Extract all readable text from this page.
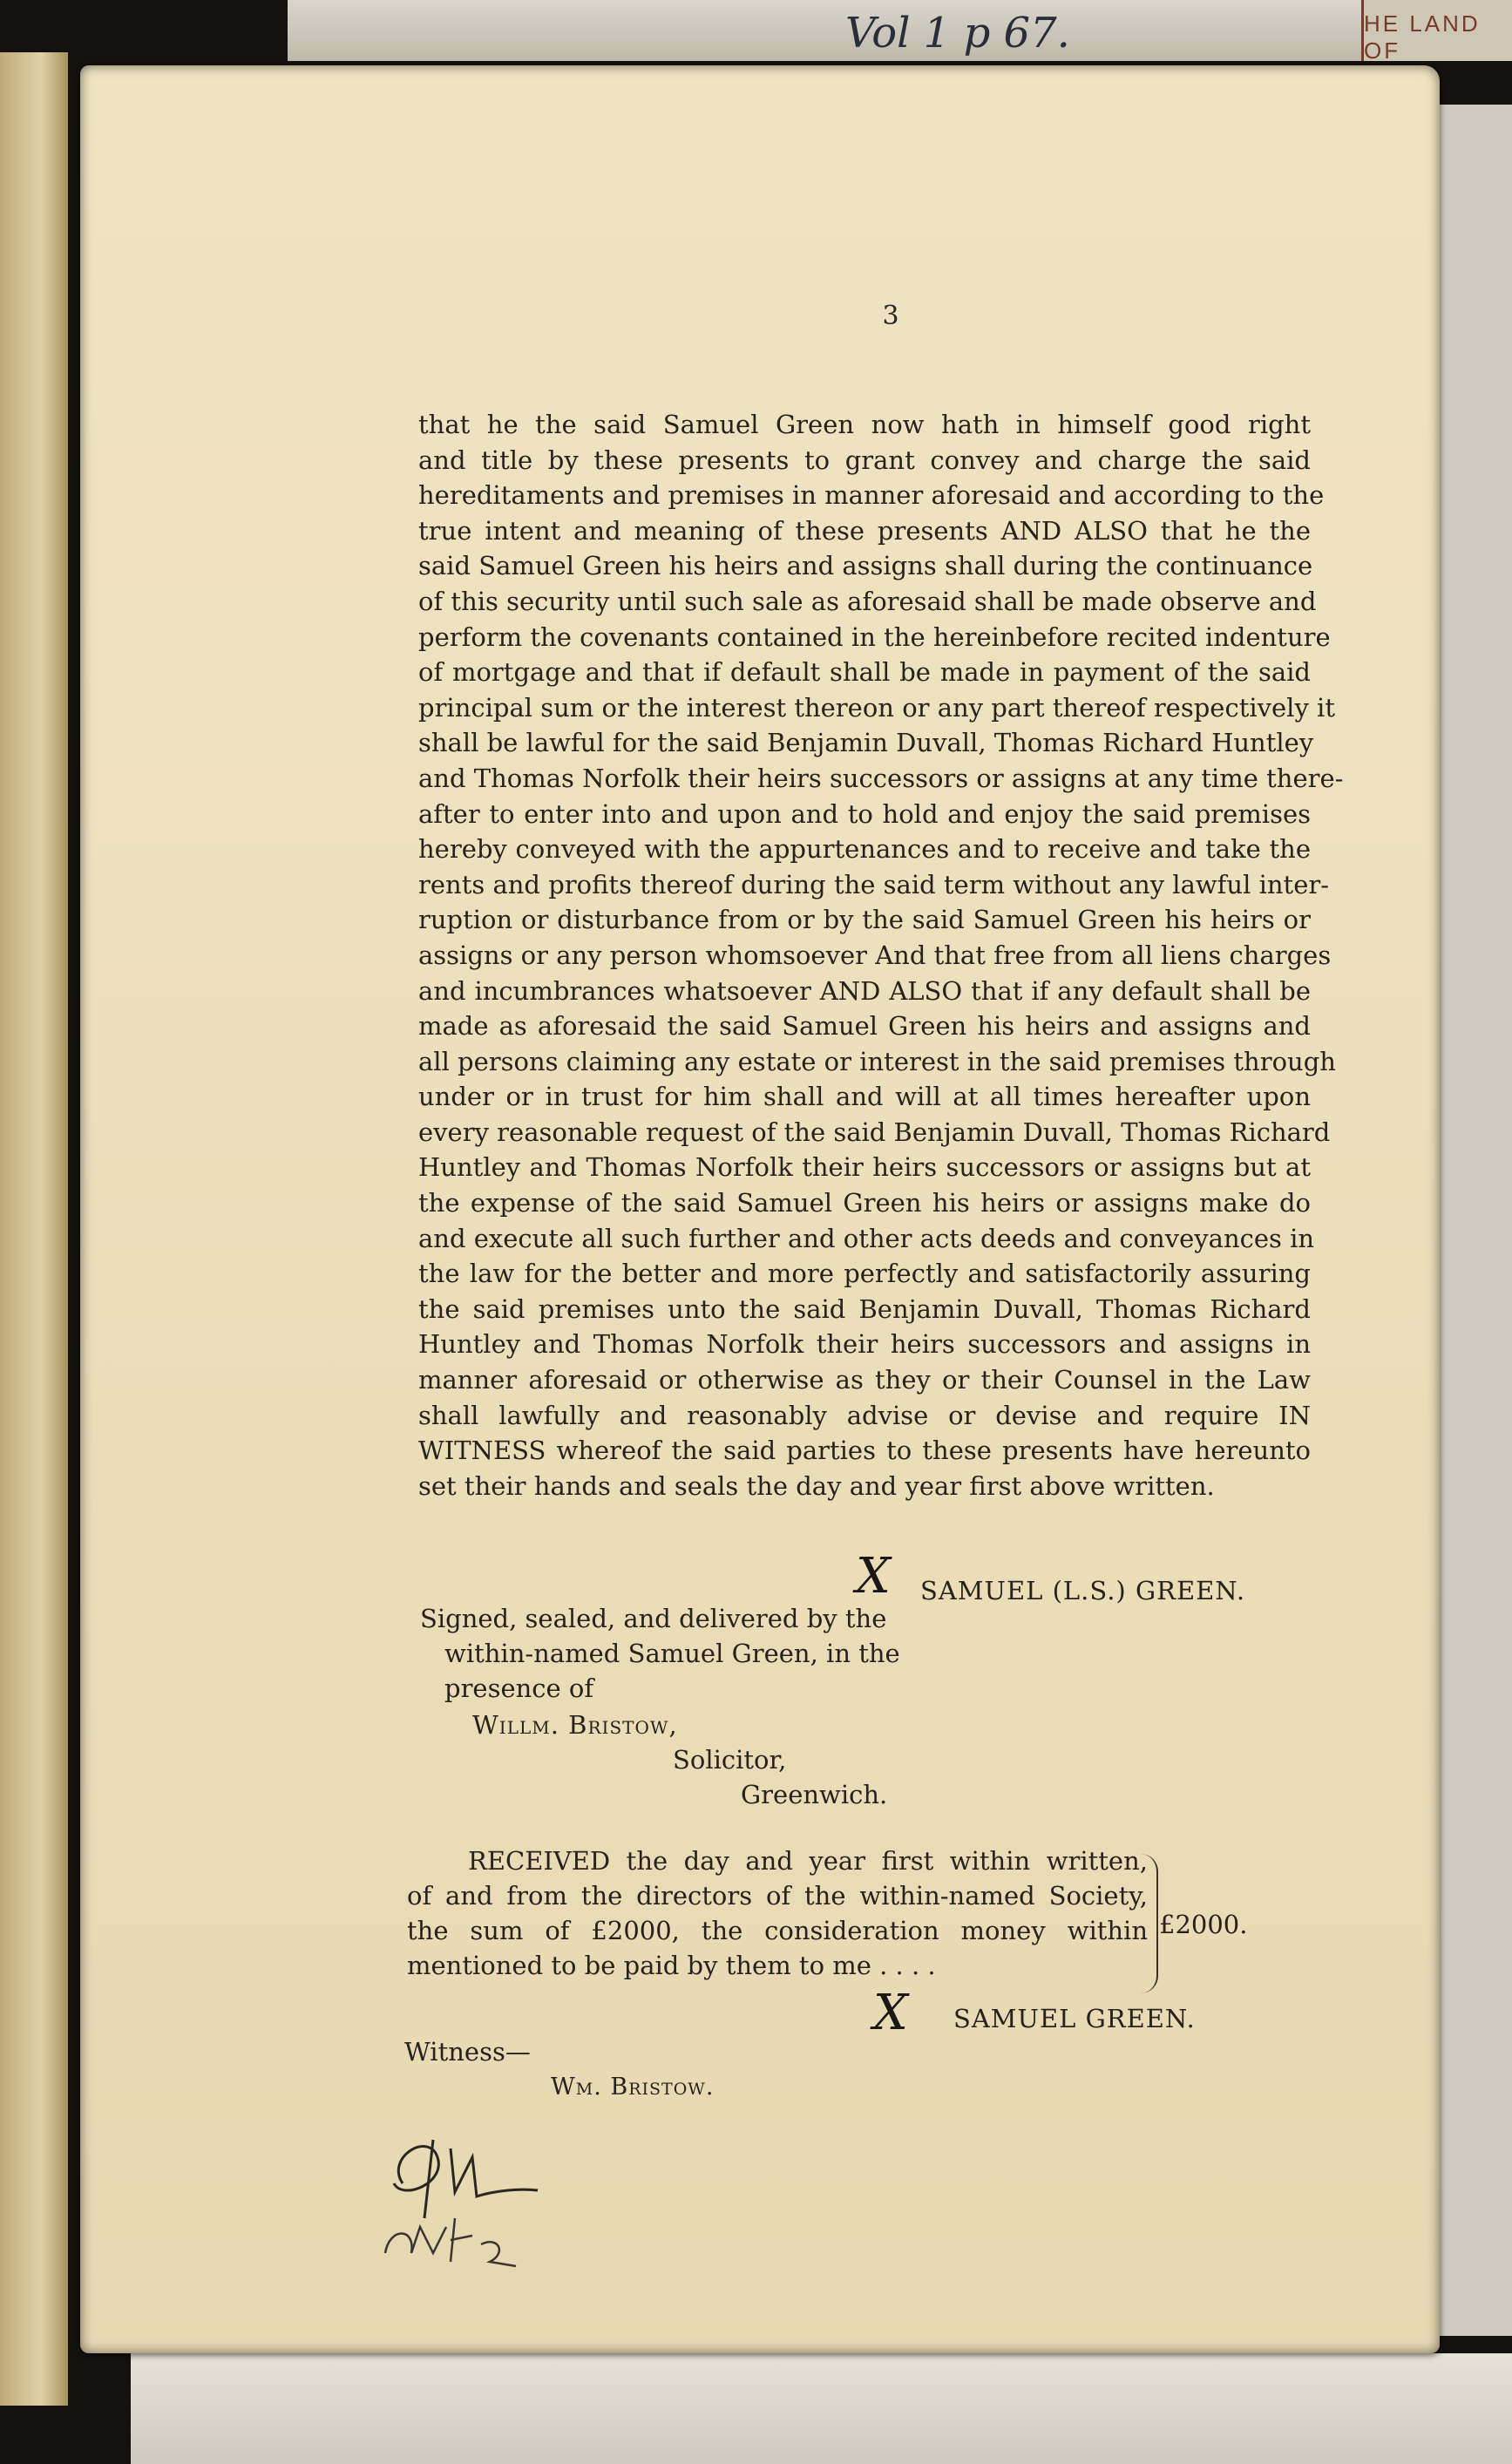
Vol 1 p 67.	HE LAND OF
3
that he the said Samuel Green now hath in himself good right
and title by these presents to grant convey and charge the said
hereditaments and premises in manner aforesaid and according to the
true intent and meaning of these presents AND ALSO that he the
said Samuel Green his heirs and assigns shall during the continuance
of this security until such sale as aforesaid shall be made observe and
perform the covenants contained in the hereinbefore recited indenture
of mortgage and that if default shall be made in payment of the said
principal sum or the interest thereon or any part thereof respectively it
shall be lawful for the said Benjamin Duvall, Thomas Richard Huntley
and Thomas Norfolk their heirs successors or assigns at any time there-
after to enter into and upon and to hold and enjoy the said premises
hereby conveyed with the appurtenances and to receive and take the
rents and profits thereof during the said term without any lawful inter-
ruption or disturbance from or by the said Samuel Green his heirs or
assigns or any person whomsoever And that free from all liens charges
and incumbrances whatsoever AND ALSO that if any default shall be
made as aforesaid the said Samuel Green his heirs and assigns and
all persons claiming any estate or interest in the said premises through
under or in trust for him shall and will at all times hereafter upon
every reasonable request of the said Benjamin Duvall, Thomas Richard
Huntley and Thomas Norfolk their heirs successors or assigns but at
the expense of the said Samuel Green his heirs or assigns make do
and execute all such further and other acts deeds and conveyances in
the law for the better and more perfectly and satisfactorily assuring
the said premises unto the said Benjamin Duvall, Thomas Richard
Huntley and Thomas Norfolk their heirs successors and assigns in
manner aforesaid or otherwise as they or their Counsel in the Law
shall lawfully and reasonably advise or devise and require IN
WITNESS whereof the said parties to these presents have hereunto
set their hands and seals the day and year first above written.
X SAMUEL (L.S.) GREEN.
Signed, sealed, and delivered by the
within-named Samuel Green, in the
presence of
Willm. Bristow,
Solicitor,
Greenwich.
RECEIVED the day and year first within written,
of and from the directors of the within-named Society,
the sum of £2000, the consideration money within
mentioned to be paid by them to me . . . .
£2000.
X SAMUEL GREEN.
Witness—
Wm. Bristow.
